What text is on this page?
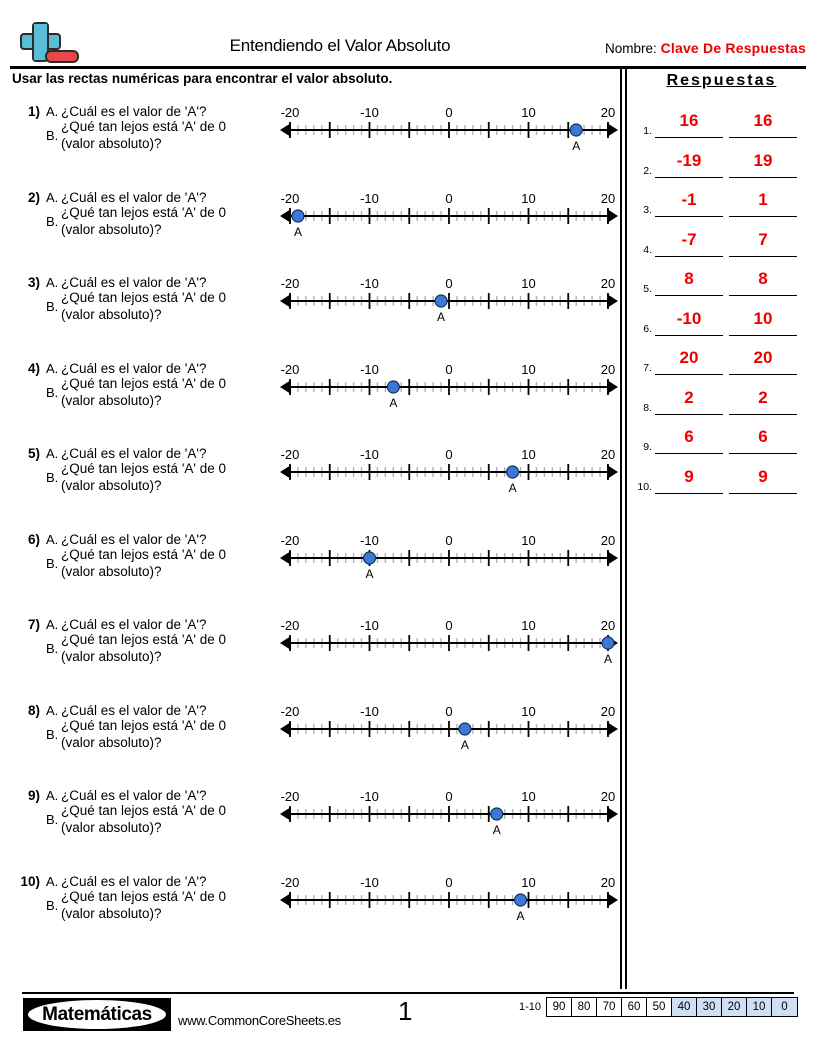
Entendiendo el Valor Absoluto	Nombre: Clave De Respuestas
Usar las rectas numéricas para encontrar el valor absoluto.
1) A. ¿Cuál es el valor de 'A'?
B.
¿Qué tan lejos está 'A' de 0
(valor absoluto)?
-20	-10	0	10	20
A
2) A. ¿Cuál es el valor de 'A'?
B.
¿Qué tan lejos está 'A' de 0
(valor absoluto)?
-20	-10	0	10	20
A
3) A. ¿Cuál es el valor de 'A'?
B.
¿Qué tan lejos está 'A' de 0
(valor absoluto)?
-20	-10	0	10	20
A
4) A. ¿Cuál es el valor de 'A'?
B.
¿Qué tan lejos está 'A' de 0
(valor absoluto)?
-20	-10	0	10	20
A
5) A. ¿Cuál es el valor de 'A'?
B.
¿Qué tan lejos está 'A' de 0
(valor absoluto)?
-20	-10	0	10	20
A
6) A. ¿Cuál es el valor de 'A'?
B.
¿Qué tan lejos está 'A' de 0
(valor absoluto)?
-20	-10	0	10	20
A
7) A. ¿Cuál es el valor de 'A'?
B.
¿Qué tan lejos está 'A' de 0
(valor absoluto)?
-20	-10	0	10	20
A
8) A. ¿Cuál es el valor de 'A'?
B.
¿Qué tan lejos está 'A' de 0
(valor absoluto)?
-20	-10	0	10	20
A
9) A. ¿Cuál es el valor de 'A'?
B.
¿Qué tan lejos está 'A' de 0
(valor absoluto)?
-20	-10	0	10	20
A
10) A. ¿Cuál es el valor de 'A'?
B.
¿Qué tan lejos está 'A' de 0
(valor absoluto)?
-20	-10	0	10	20
A
Respuestas
1.
16	16
2.
-19	19
3.
-1	1
4.
-7	7
5.
8	8
6.
-10	10
7.
20	20
8.
2	2
9.
6	6
10.
9	9
Matemáticas	www.CommonCoreSheets.es 1	1-10	90	80	70	60	50	40	30	20	10	0
